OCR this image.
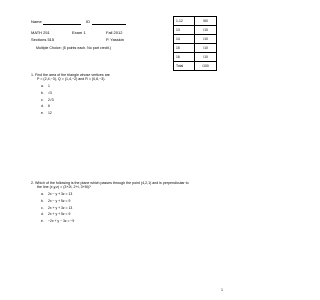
Name	ID
MATH 251	Exam 1	Fall 2012
Sections 515	P. Yasskin
Multiple Choice: (5 points each. No part credit.)
1-12	/60
13	/10
14	/10
15	/10
16	/10
Total	/100
1. Find the area of the triangle whose vertices are
P = (2,4,−3), Q = (1,4,−2) and R = (0,6,−3).
a.	1
b.	√3
c.	2√3
d.	6
e.	12
2. Which of the following is the plane which passes through the point (4,2,1) and is perpendicular to
the line (x,y,z) = (3+2t, 2+t, 3+5t)?
a.	2x − y + 3z = 13
b.	2x − y + 5z = 9
c.	2x + y + 3z = 13
d.	2x + y + 5z = 9
e.	−2x + y − 3z = −9
1
